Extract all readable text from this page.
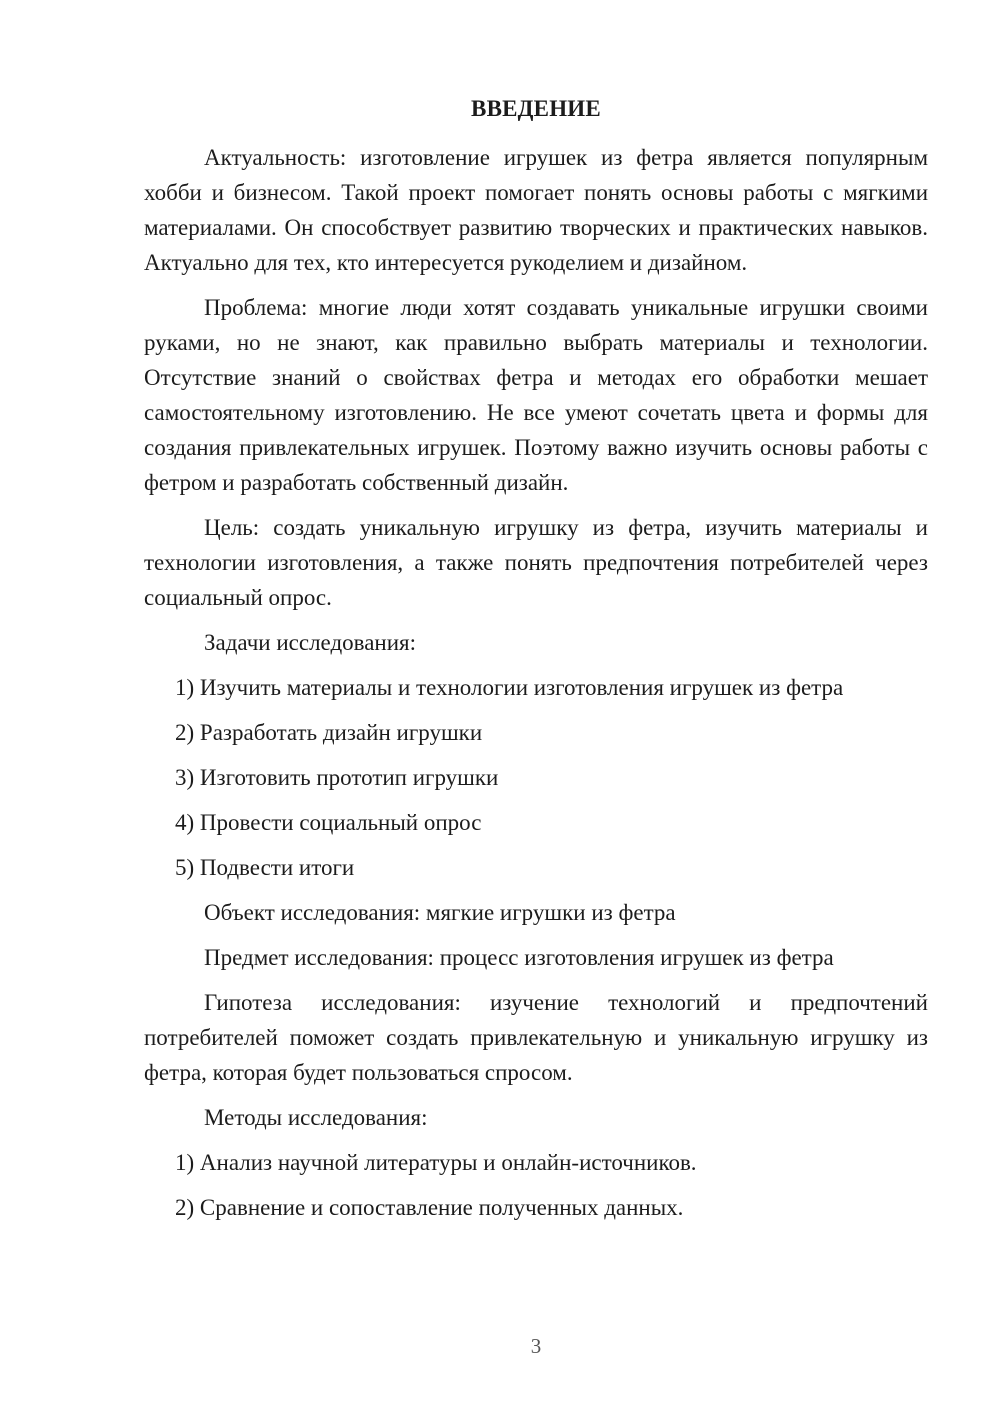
ВВЕДЕНИЕ

Актуальность: изготовление игрушек из фетра является популярным хобби и бизнесом. Такой проект помогает понять основы работы с мягкими материалами. Он способствует развитию творческих и практических навыков. Актуально для тех, кто интересуется рукоделием и дизайном.

Проблема: многие люди хотят создавать уникальные игрушки своими руками, но не знают, как правильно выбрать материалы и технологии. Отсутствие знаний о свойствах фетра и методах его обработки мешает самостоятельному изготовлению. Не все умеют сочетать цвета и формы для создания привлекательных игрушек. Поэтому важно изучить основы работы с фетром и разработать собственный дизайн.

Цель: создать уникальную игрушку из фетра, изучить материалы и технологии изготовления, а также понять предпочтения потребителей через социальный опрос.

Задачи исследования:

1) Изучить материалы и технологии изготовления игрушек из фетра

2) Разработать дизайн игрушки

3) Изготовить прототип игрушки

4) Провести социальный опрос

5) Подвести итоги

Объект исследования: мягкие игрушки из фетра

Предмет исследования: процесс изготовления игрушек из фетра

Гипотеза исследования: изучение технологий и предпочтений потребителей поможет создать привлекательную и уникальную игрушку из фетра, которая будет пользоваться спросом.

Методы исследования:

1) Анализ научной литературы и онлайн-источников.

2) Сравнение и сопоставление полученных данных.

3
